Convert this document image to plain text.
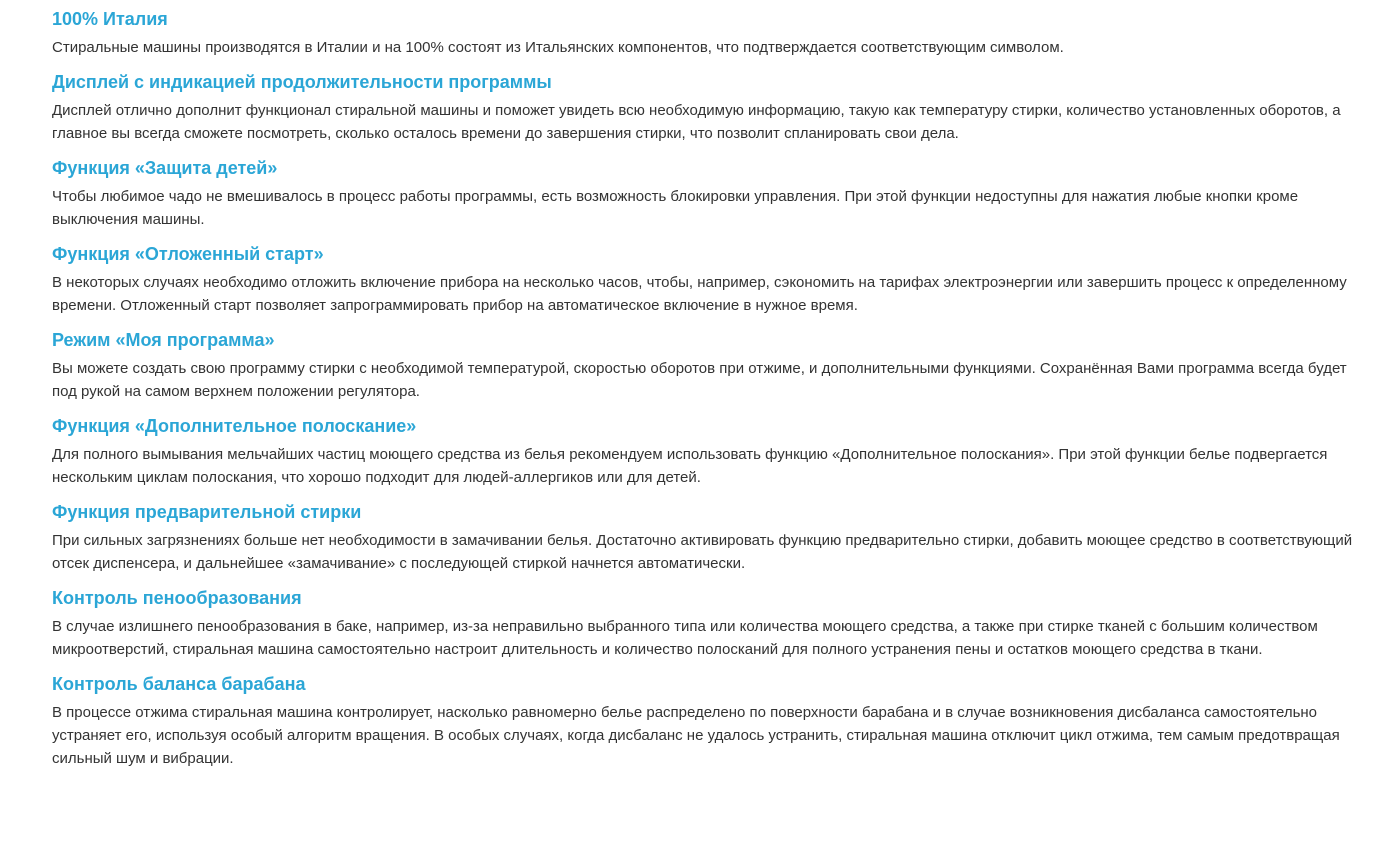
100% Италия

Стиральные машины производятся в Италии и на 100% состоят из Итальянских компонентов, что подтверждается соответствующим символом.

Дисплей с индикацией продолжительности программы

Дисплей отлично дополнит функционал стиральной машины и поможет увидеть всю необходимую информацию, такую как температуру стирки, количество установленных оборотов, а главное вы всегда сможете посмотреть, сколько осталось времени до завершения стирки, что позволит спланировать свои дела.

Функция «Защита детей»

Чтобы любимое чадо не вмешивалось в процесс работы программы, есть возможность блокировки управления. При этой функции недоступны для нажатия любые кнопки кроме выключения машины.

Функция «Отложенный старт»

В некоторых случаях необходимо отложить включение прибора на несколько часов, чтобы, например, сэкономить на тарифах электроэнергии или завершить процесс к определенному времени. Отложенный старт позволяет запрограммировать прибор на автоматическое включение в нужное время.

Режим «Моя программа»

Вы можете создать свою программу стирки с необходимой температурой, скоростью оборотов при отжиме, и дополнительными функциями. Сохранённая Вами программа всегда будет под рукой на самом верхнем положении регулятора.

Функция «Дополнительное полоскание»

Для полного вымывания мельчайших частиц моющего средства из белья рекомендуем использовать функцию «Дополнительное полоскания». При этой функции белье подвергается нескольким циклам полоскания, что хорошо подходит для людей-аллергиков или для детей.

Функция предварительной стирки

При сильных загрязнениях больше нет необходимости в замачивании белья. Достаточно активировать функцию предварительно стирки, добавить моющее средство в соответствующий отсек диспенсера, и дальнейшее «замачивание» с последующей стиркой начнется автоматически.

Контроль пенообразования

В случае излишнего пенообразования в баке, например, из-за неправильно выбранного типа или количества моющего средства, а также при стирке тканей с большим количеством микроотверстий, стиральная машина самостоятельно настроит длительность и количество полосканий для полного устранения пены и остатков моющего средства в ткани.

Контроль баланса барабана

В процессе отжима стиральная машина контролирует, насколько равномерно белье распределено по поверхности барабана и в случае возникновения дисбаланса самостоятельно устраняет его, используя особый алгоритм вращения. В особых случаях, когда дисбаланс не удалось устранить, стиральная машина отключит цикл отжима, тем самым предотвращая сильный шум и вибрации.
